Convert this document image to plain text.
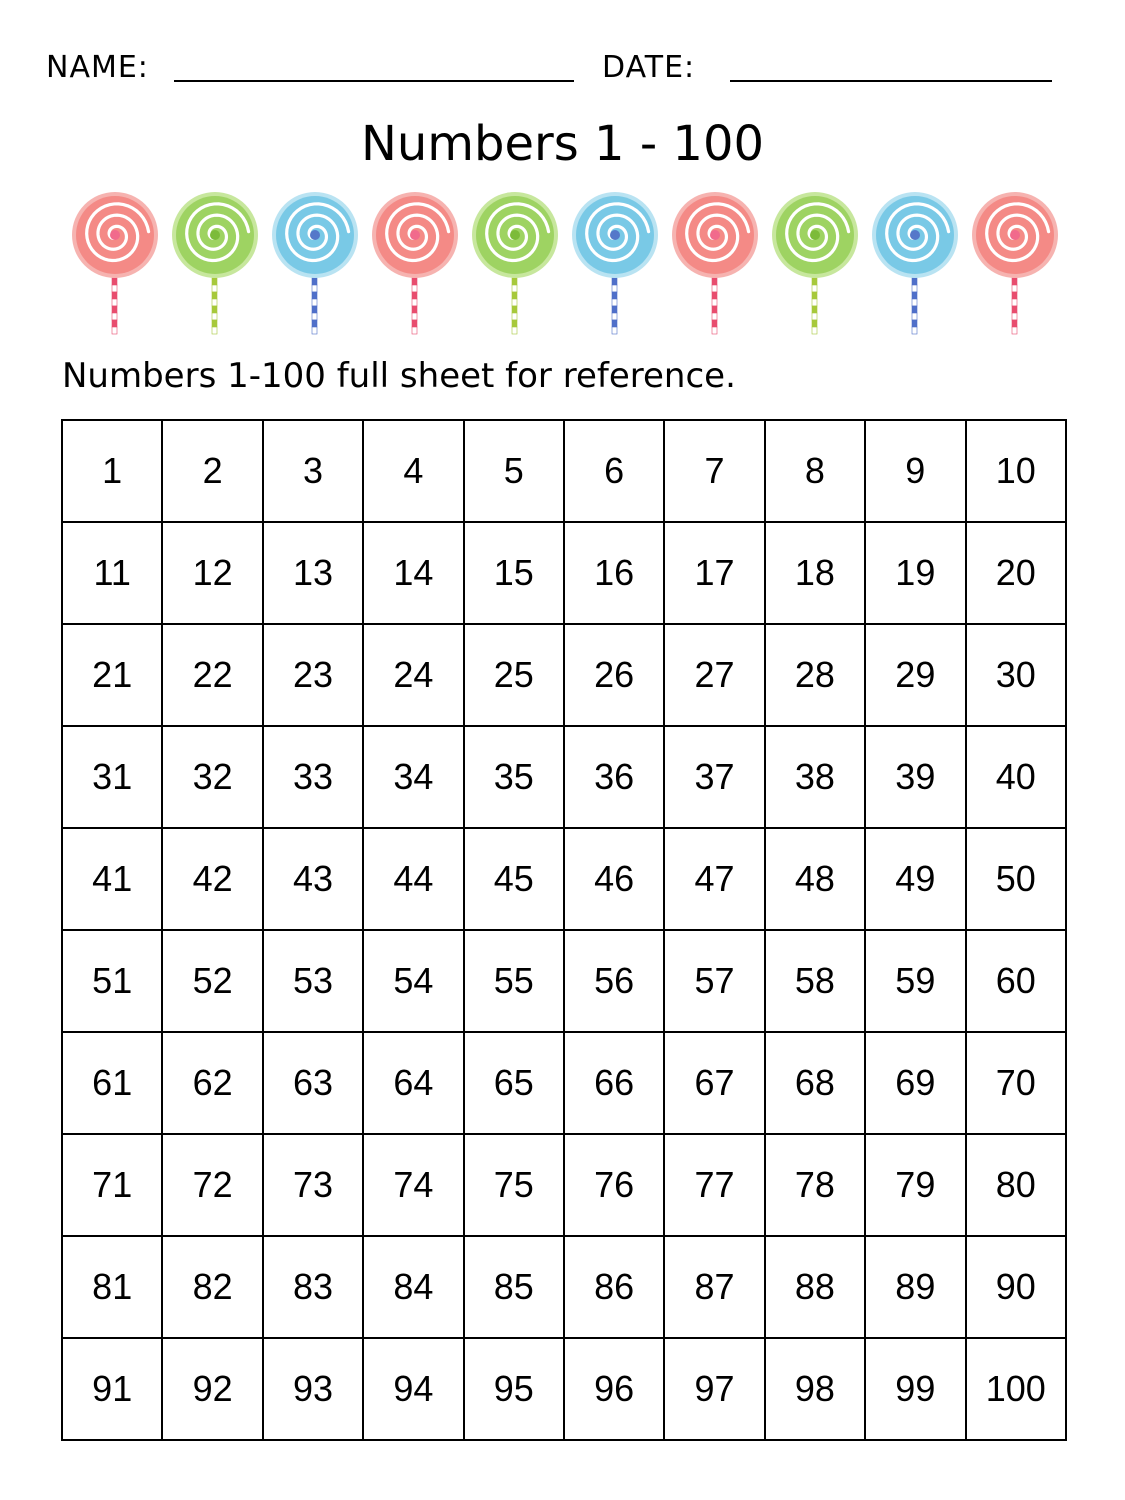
NAME:	DATE:
Numbers 1 - 100
Numbers 1-100 full sheet for reference.
1	2	3	4	5	6	7	8	9	10
11	12	13	14	15	16	17	18	19	20
21	22	23	24	25	26	27	28	29	30
31	32	33	34	35	36	37	38	39	40
41	42	43	44	45	46	47	48	49	50
51	52	53	54	55	56	57	58	59	60
61	62	63	64	65	66	67	68	69	70
71	72	73	74	75	76	77	78	79	80
81	82	83	84	85	86	87	88	89	90
91	92	93	94	95	96	97	98	99	100
